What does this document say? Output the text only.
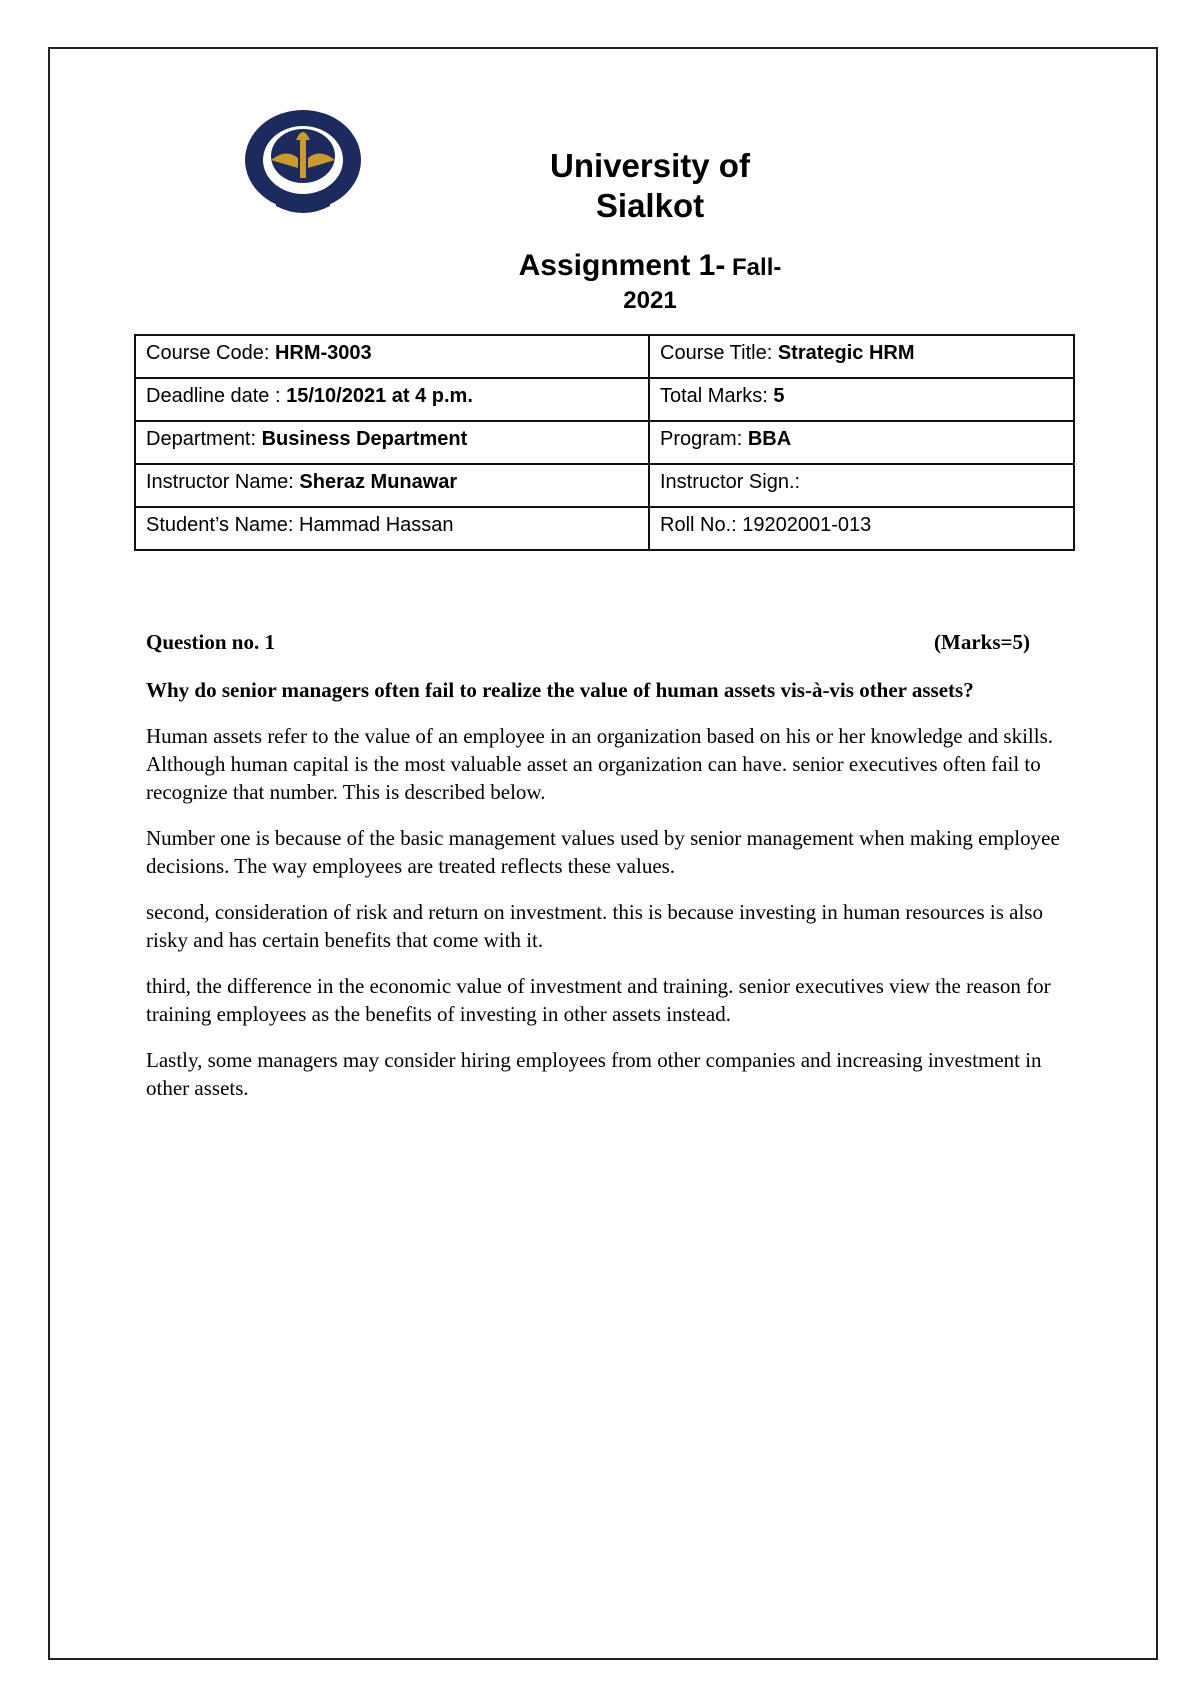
University of
Sialkot
Assignment 1- Fall-
2021
Course Code: HRM-3003	Course Title: Strategic HRM
Deadline date : 15/10/2021 at 4 p.m.	Total Marks: 5
Department: Business Department	Program: BBA
Instructor Name: Sheraz Munawar	Instructor Sign.:
Student’s Name: Hammad Hassan	Roll No.: 19202001-013
Question no. 1	(Marks=5)

Why do senior managers often fail to realize the value of human assets vis-à-vis other assets?

Human assets refer to the value of an employee in an organization based on his or her knowledge and skills. Although human capital is the most valuable asset an organization can have. senior executives often fail to recognize that number. This is described below.

Number one is because of the basic management values used by senior management when making employee decisions. The way employees are treated reflects these values.

second, consideration of risk and return on investment. this is because investing in human resources is also risky and has certain benefits that come with it.

third, the difference in the economic value of investment and training. senior executives view the reason for training employees as the benefits of investing in other assets instead.

Lastly, some managers may consider hiring employees from other companies and increasing investment in other assets.
